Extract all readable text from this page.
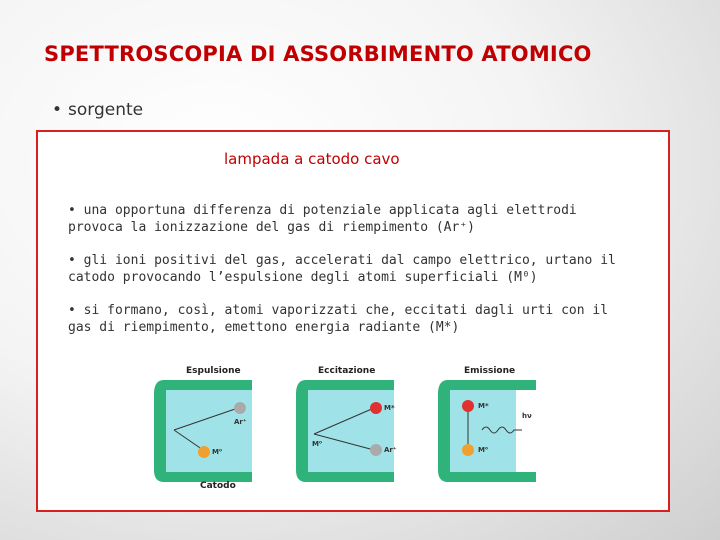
SPETTROSCOPIA DI ASSORBIMENTO ATOMICO
• sorgente
lampada a catodo cavo
• una opportuna differenza di potenziale applicata agli elettrodi provoca la ionizzazione del gas di riempimento (Ar⁺)
• gli ioni positivi del gas, accelerati dal campo elettrico, urtano il catodo provocando l’espulsione degli atomi superficiali (M⁰)
• si formano, così, atomi vaporizzati che, eccitati dagli urti con il gas di riempimento, emettono energia radiante (M*)
Espulsione
Ar⁺
M⁰
Catodo
Eccitazione
M*
M⁰
Ar⁺
Emissione
M*
M⁰
hν
